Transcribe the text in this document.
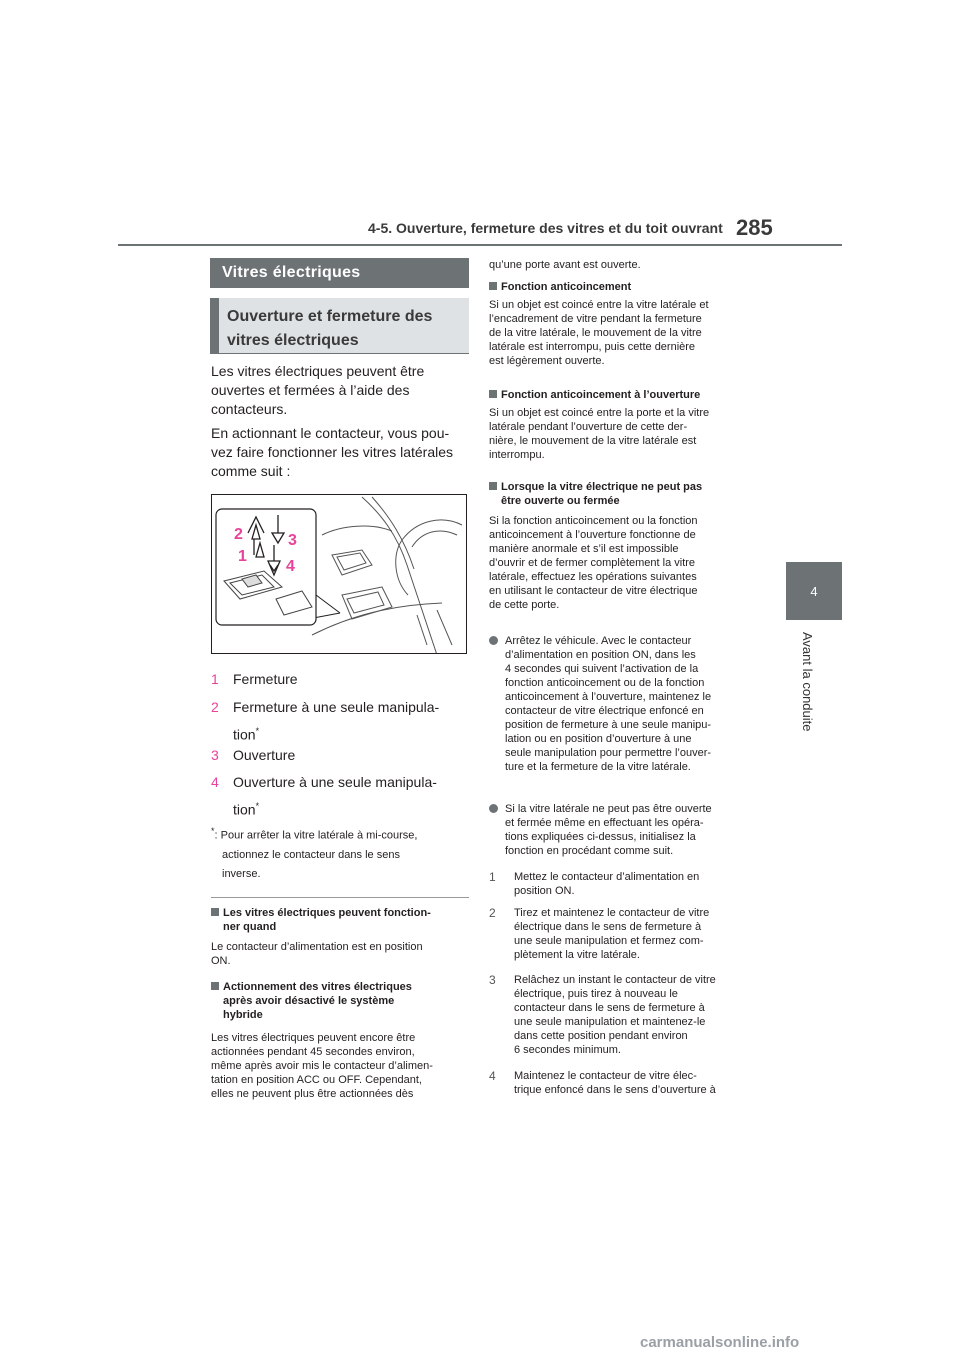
4-5. Ouverture, fermeture des vitres et du toit ouvrant 285
4
Avant la conduite
Vitres électriques
Ouverture et fermeture des
vitres électriques
Les vitres électriques peuvent être
ouvertes et fermées à l’aide des
contacteurs.
En actionnant le contacteur, vous pou-
vez faire fonctionner les vitres latérales
comme suit :
2
1
3
4
1 Fermeture
2 Fermeture à une seule manipula-
tion*
3 Ouverture
4 Ouverture à une seule manipula-
tion*
*: Pour arrêter la vitre latérale à mi-course,
actionnez le contacteur dans le sens
inverse.
Les vitres électriques peuvent fonction-
ner quand
Le contacteur d’alimentation est en position
ON.
Actionnement des vitres électriques
après avoir désactivé le système
hybride
Les vitres électriques peuvent encore être
actionnées pendant 45 secondes environ,
même après avoir mis le contacteur d’alimen-
tation en position ACC ou OFF. Cependant,
elles ne peuvent plus être actionnées dès
qu’une porte avant est ouverte.
Fonction anticoincement
Si un objet est coincé entre la vitre latérale et
l’encadrement de vitre pendant la fermeture
de la vitre latérale, le mouvement de la vitre
latérale est interrompu, puis cette dernière
est légèrement ouverte.
Fonction anticoincement à l’ouverture
Si un objet est coincé entre la porte et la vitre
latérale pendant l’ouverture de cette der-
nière, le mouvement de la vitre latérale est
interrompu.
Lorsque la vitre électrique ne peut pas
être ouverte ou fermée
Si la fonction anticoincement ou la fonction
anticoincement à l’ouverture fonctionne de
manière anormale et s’il est impossible
d’ouvrir et de fermer complètement la vitre
latérale, effectuez les opérations suivantes
en utilisant le contacteur de vitre électrique
de cette porte.
Arrêtez le véhicule. Avec le contacteur
d’alimentation en position ON, dans les
4 secondes qui suivent l’activation de la
fonction anticoincement ou de la fonction
anticoincement à l’ouverture, maintenez le
contacteur de vitre électrique enfoncé en
position de fermeture à une seule manipu-
lation ou en position d’ouverture à une
seule manipulation pour permettre l’ouver-
ture et la fermeture de la vitre latérale.
Si la vitre latérale ne peut pas être ouverte
et fermée même en effectuant les opéra-
tions expliquées ci-dessus, initialisez la
fonction en procédant comme suit.
1 Mettez le contacteur d’alimentation en
position ON.
2 Tirez et maintenez le contacteur de vitre
électrique dans le sens de fermeture à
une seule manipulation et fermez com-
plètement la vitre latérale.
3 Relâchez un instant le contacteur de vitre
électrique, puis tirez à nouveau le
contacteur dans le sens de fermeture à
une seule manipulation et maintenez-le
dans cette position pendant environ
6 secondes minimum.
4 Maintenez le contacteur de vitre élec-
trique enfoncé dans le sens d’ouverture à
carmanualsonline.info
